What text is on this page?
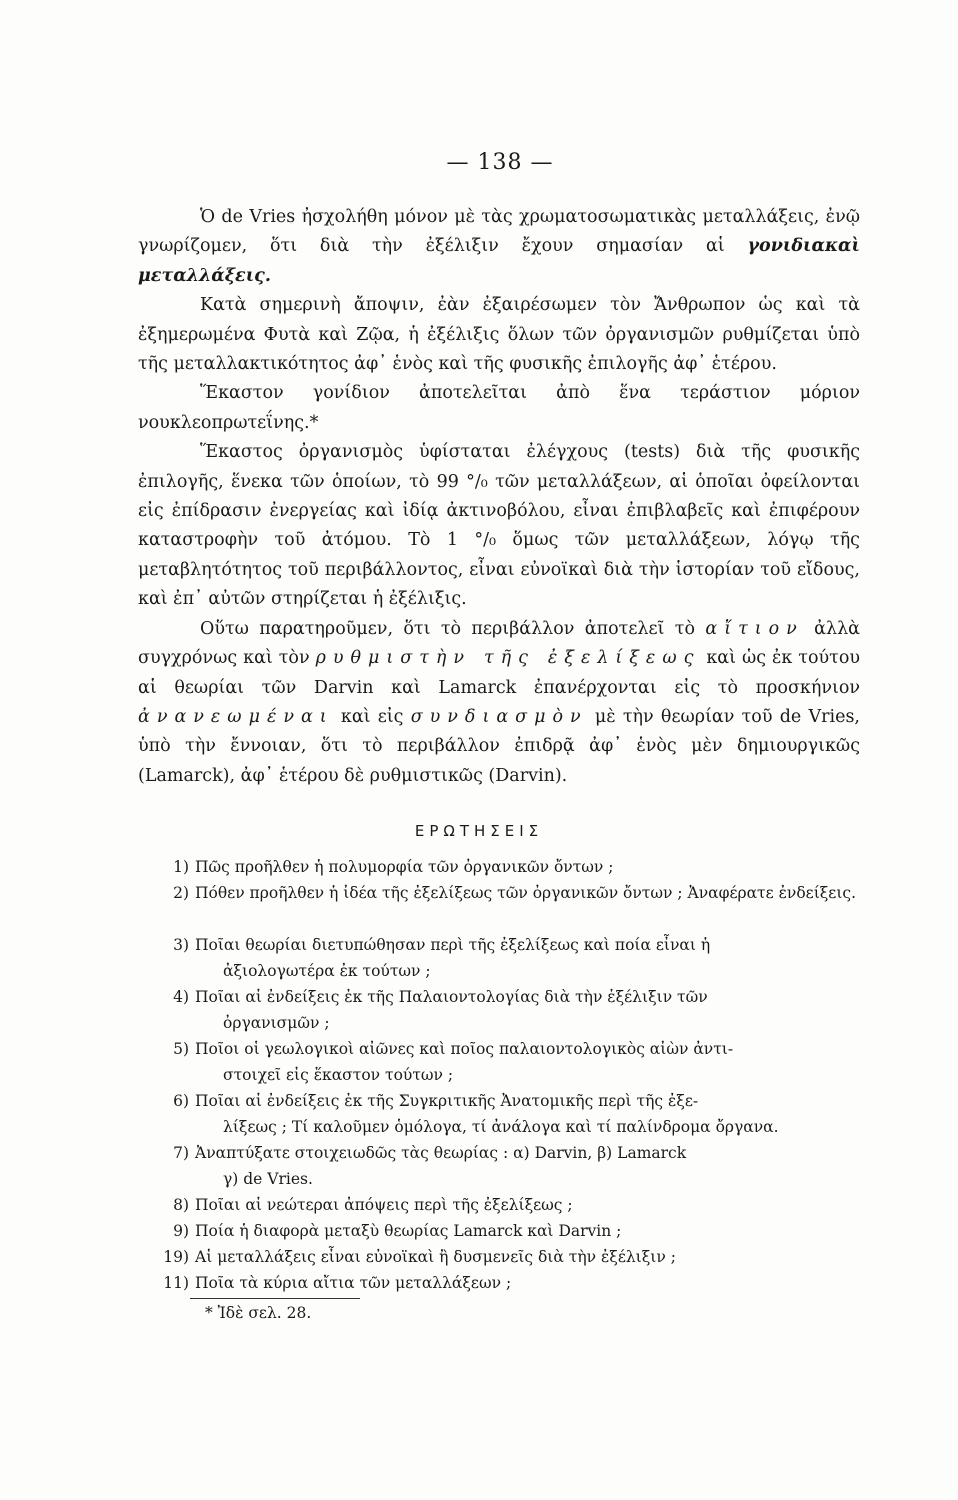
— 138 —

Ὁ de Vries ἠσχολήθη μόνον μὲ τὰς χρωματοσωματικὰς μεταλλάξεις, ἐνῷ γνωρίζομεν, ὅτι διὰ τὴν ἐξέλιξιν ἔχουν σημασίαν αἱ γονιδιακαὶ μεταλλάξεις.

Κατὰ σημερινὴ ἄποψιν, ἐὰν ἐξαιρέσωμεν τὸν Ἄνθρωπον ὡς καὶ τὰ ἐξημερωμένα Φυτὰ καὶ Ζῷα, ἡ ἐξέλιξις ὅλων τῶν ὀργανισμῶν ρυθμίζεται ὑπὸ τῆς μεταλλακτικότητος ἀφ᾽ ἑνὸς καὶ τῆς φυσικῆς ἐπιλογῆς ἀφ᾽ ἑτέρου.

Ἕκαστον γονίδιον ἀποτελεῖται ἀπὸ ἕνα τεράστιον μόριον νουκλεοπρωτεΐνης.*

Ἕκαστος ὀργανισμὸς ὑφίσταται ἐλέγχους (tests) διὰ τῆς φυσικῆς ἐπιλογῆς, ἕνεκα τῶν ὁποίων, τὸ 99 °/₀ τῶν μεταλλάξεων, αἱ ὁποῖαι ὀφείλονται εἰς ἐπίδρασιν ἐνεργείας καὶ ἰδίᾳ ἀκτινοβόλου, εἶναι ἐπιβλαβεῖς καὶ ἐπιφέρουν καταστροφὴν τοῦ ἀτόμου. Τὸ 1 °/₀ ὅμως τῶν μεταλλάξεων, λόγῳ τῆς μεταβλητότητος τοῦ περιβάλλοντος, εἶναι εὐνοϊκαὶ διὰ τὴν ἱστορίαν τοῦ εἴδους, καὶ ἐπ᾽ αὐτῶν στηρίζεται ἡ ἐξέλιξις.

Οὕτω παρατηροῦμεν, ὅτι τὸ περιβάλλον ἀποτελεῖ τὸ αἴτιον ἀλλὰ συγχρόνως καὶ τὸν ρυθμιστὴν τῆς ἐξελίξεως καὶ ὡς ἐκ τούτου αἱ θεωρίαι τῶν Darvin καὶ Lamarck ἐπανέρχονται εἰς τὸ προσκήνιον ἀνανεωμέναι καὶ εἰς συνδιασμὸν μὲ τὴν θεωρίαν τοῦ de Vries, ὑπὸ τὴν ἔννοιαν, ὅτι τὸ περιβάλλον ἐπιδρᾷ ἀφ᾽ ἑνὸς μὲν δημιουργικῶς (Lamarck), ἀφ᾽ ἑτέρου δὲ ρυθμιστικῶς (Darvin).

ΕΡΩΤΗΣΕΙΣ
1) Πῶς προῆλθεν ἡ πολυμορφία τῶν ὀργανικῶν ὄντων ;
2) Πόθεν προῆλθεν ἡ ἰδέα τῆς ἐξελίξεως τῶν ὀργανικῶν ὄντων ; Ἀναφέρατε ἐνδείξεις.
3) Ποῖαι θεωρίαι διετυπώθησαν περὶ τῆς ἐξελίξεως καὶ ποία εἶναι ἡ
ἀξιολογωτέρα ἐκ τούτων ;
4) Ποῖαι αἱ ἐνδείξεις ἐκ τῆς Παλαιοντολογίας διὰ τὴν ἐξέλιξιν τῶν
ὀργανισμῶν ;
5) Ποῖοι οἱ γεωλογικοὶ αἰῶνες καὶ ποῖος παλαιοντολογικὸς αἰὼν ἀντι-
στοιχεῖ εἰς ἕκαστον τούτων ;
6) Ποῖαι αἱ ἐνδείξεις ἐκ τῆς Συγκριτικῆς Ἀνατομικῆς περὶ τῆς ἐξε-
λίξεως ; Τί καλοῦμεν ὁμόλογα, τί ἀνάλογα καὶ τί παλίνδρομα ὄργανα.
7) Ἀναπτύξατε στοιχειωδῶς τὰς θεωρίας : α) Darvin, β) Lamarck
γ) de Vries.
8) Ποῖαι αἱ νεώτεραι ἀπόψεις περὶ τῆς ἐξελίξεως ;
9) Ποία ἡ διαφορὰ μεταξὺ θεωρίας Lamarck καὶ Darvin ;
19) Αἱ μεταλλάξεις εἶναι εὐνοϊκαὶ ἢ δυσμενεῖς διὰ τὴν ἐξέλιξιν ;
11) Ποῖα τὰ κύρια αἴτια τῶν μεταλλάξεων ;
* Ἰδὲ σελ. 28.
